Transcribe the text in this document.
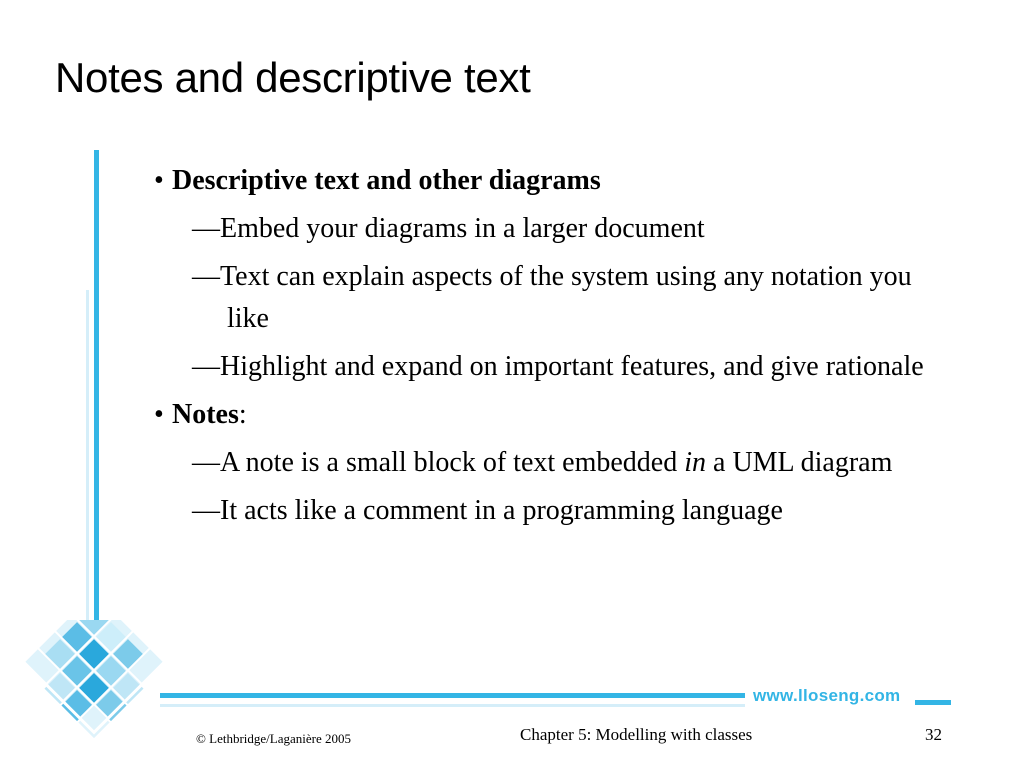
Notes and descriptive text
www.lloseng.com

• Descriptive text and other diagrams

—Embed your diagrams in a larger document

—Text can explain aspects of the system using any notation you like

—Highlight and expand on important features, and give rationale

• Notes:

—A note is a small block of text embedded in a UML diagram

—It acts like a comment in a programming language

© Lethbridge/Laganière 2005	Chapter 5: Modelling with classes	32
